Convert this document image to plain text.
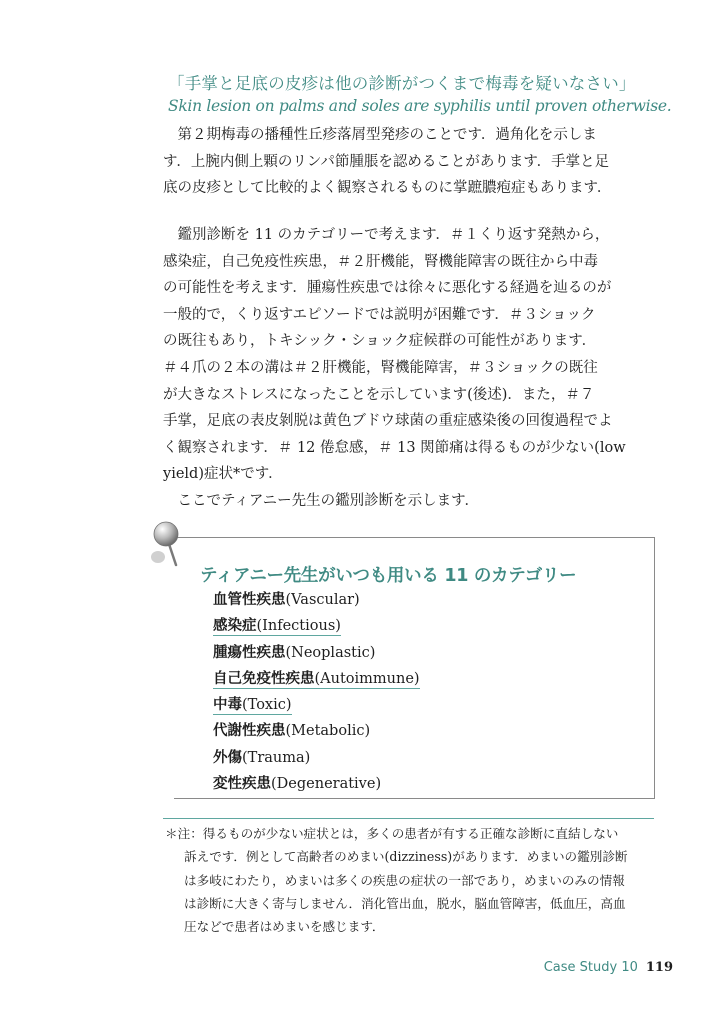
「手掌と足底の皮疹は他の診断がつくまで梅毒を疑いなさい」
Skin lesion on palms and soles are syphilis until proven otherwise.
　第２期梅毒の播種性丘疹落屑型発疹のことです．過角化を示しま
す．上腕内側上顆のリンパ節腫脹を認めることがあります．手掌と足
底の皮疹として比較的よく観察されるものに掌蹠膿疱症もあります．
　鑑別診断を 11 のカテゴリーで考えます．＃１くり返す発熱から，
感染症，自己免疫性疾患，＃２肝機能，腎機能障害の既往から中毒
の可能性を考えます．腫瘍性疾患では徐々に悪化する経過を辿るのが
一般的で，くり返すエピソードでは説明が困難です．＃３ショック
の既往もあり，トキシック・ショック症候群の可能性があります．
＃４爪の２本の溝は＃２肝機能，腎機能障害，＃３ショックの既往
が大きなストレスになったことを示しています(後述)．また，＃７
手掌，足底の表皮剝脱は黄色ブドウ球菌の重症感染後の回復過程でよ
く観察されます．＃ 12 倦怠感，＃ 13 関節痛は得るものが少ない(low
yield)症状*です．
　ここでティアニー先生の鑑別診断を示します．
ティアニー先生がいつも用いる 11 のカテゴリー
血管性疾患(Vascular)
感染症(Infectious)
腫瘍性疾患(Neoplastic)
自己免疫性疾患(Autoimmune)
中毒(Toxic)
代謝性疾患(Metabolic)
外傷(Trauma)
変性疾患(Degenerative)
＊注：得るものが少ない症状とは，多くの患者が有する正確な診断に直結しない
訴えです．例として高齢者のめまい(dizziness)があります．めまいの鑑別診断
は多岐にわたり，めまいは多くの疾患の症状の一部であり，めまいのみの情報
は診断に大きく寄与しません．消化管出血，脱水，脳血管障害，低血圧，高血
圧などで患者はめまいを感じます．
Case Study 10 119
